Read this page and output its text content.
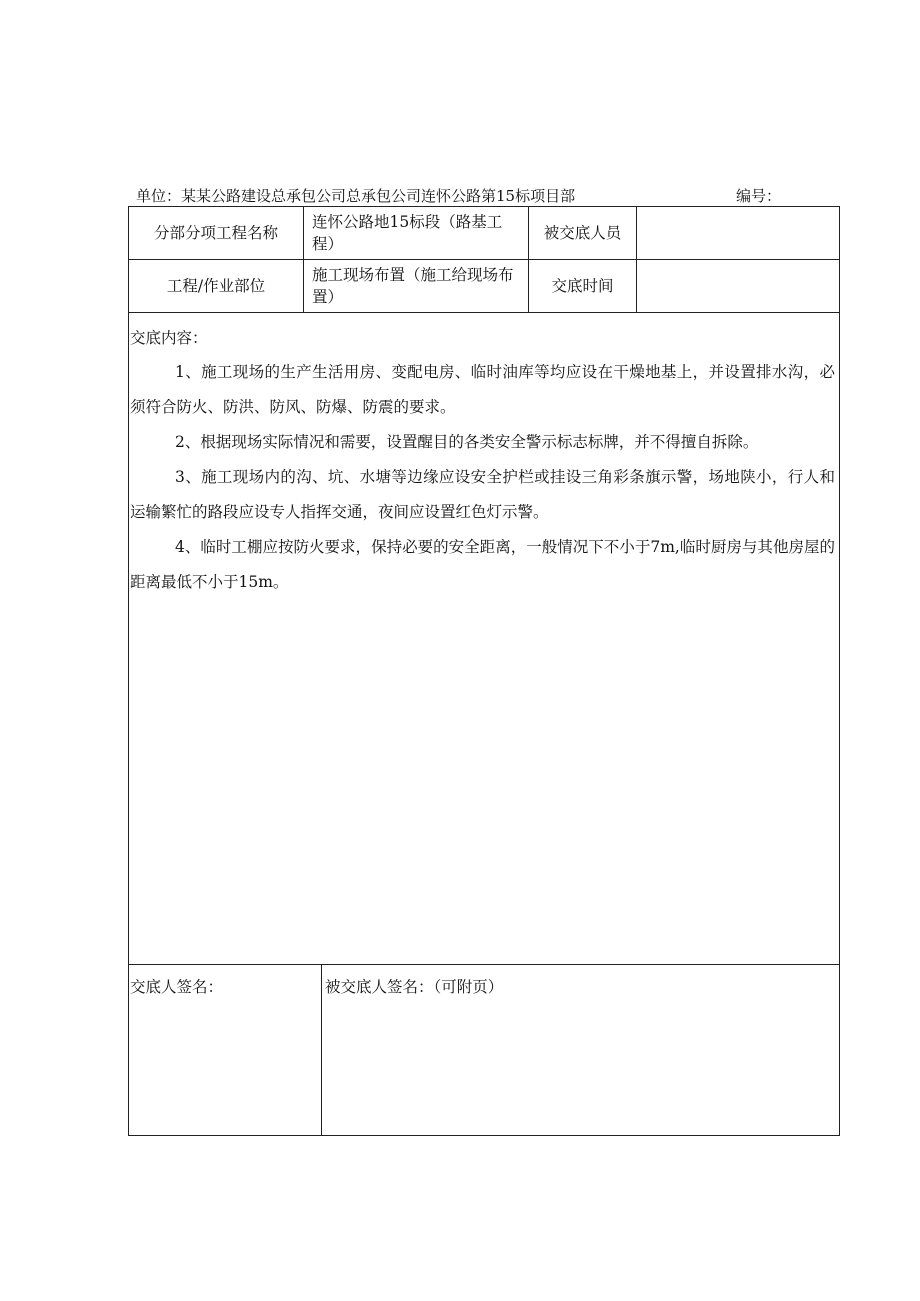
单位：某某公路建设总承包公司总承包公司连怀公路第15标项目部	编号：
分部分项工程名称
连怀公路地15标段（路基工程）
被交底人员
工程/作业部位
施工现场布置（施工给现场布置）
交底时间
交底内容：

1、施工现场的生产生活用房、变配电房、临时油库等均应设在干燥地基上，并设置排水沟，必须符合防火、防洪、防风、防爆、防震的要求。

2、根据现场实际情况和需要，设置醒目的各类安全警示标志标牌，并不得擅自拆除。

3、施工现场内的沟、坑、水塘等边缘应设安全护栏或挂设三角彩条旗示警，场地陕小，行人和运输繁忙的路段应设专人指挥交通，夜间应设置红色灯示警。

4、临时工棚应按防火要求，保持必要的安全距离，一般情况下不小于7m,临时厨房与其他房屋的距离最低不小于15m。

交底人签名：	被交底人签名：（可附页）
